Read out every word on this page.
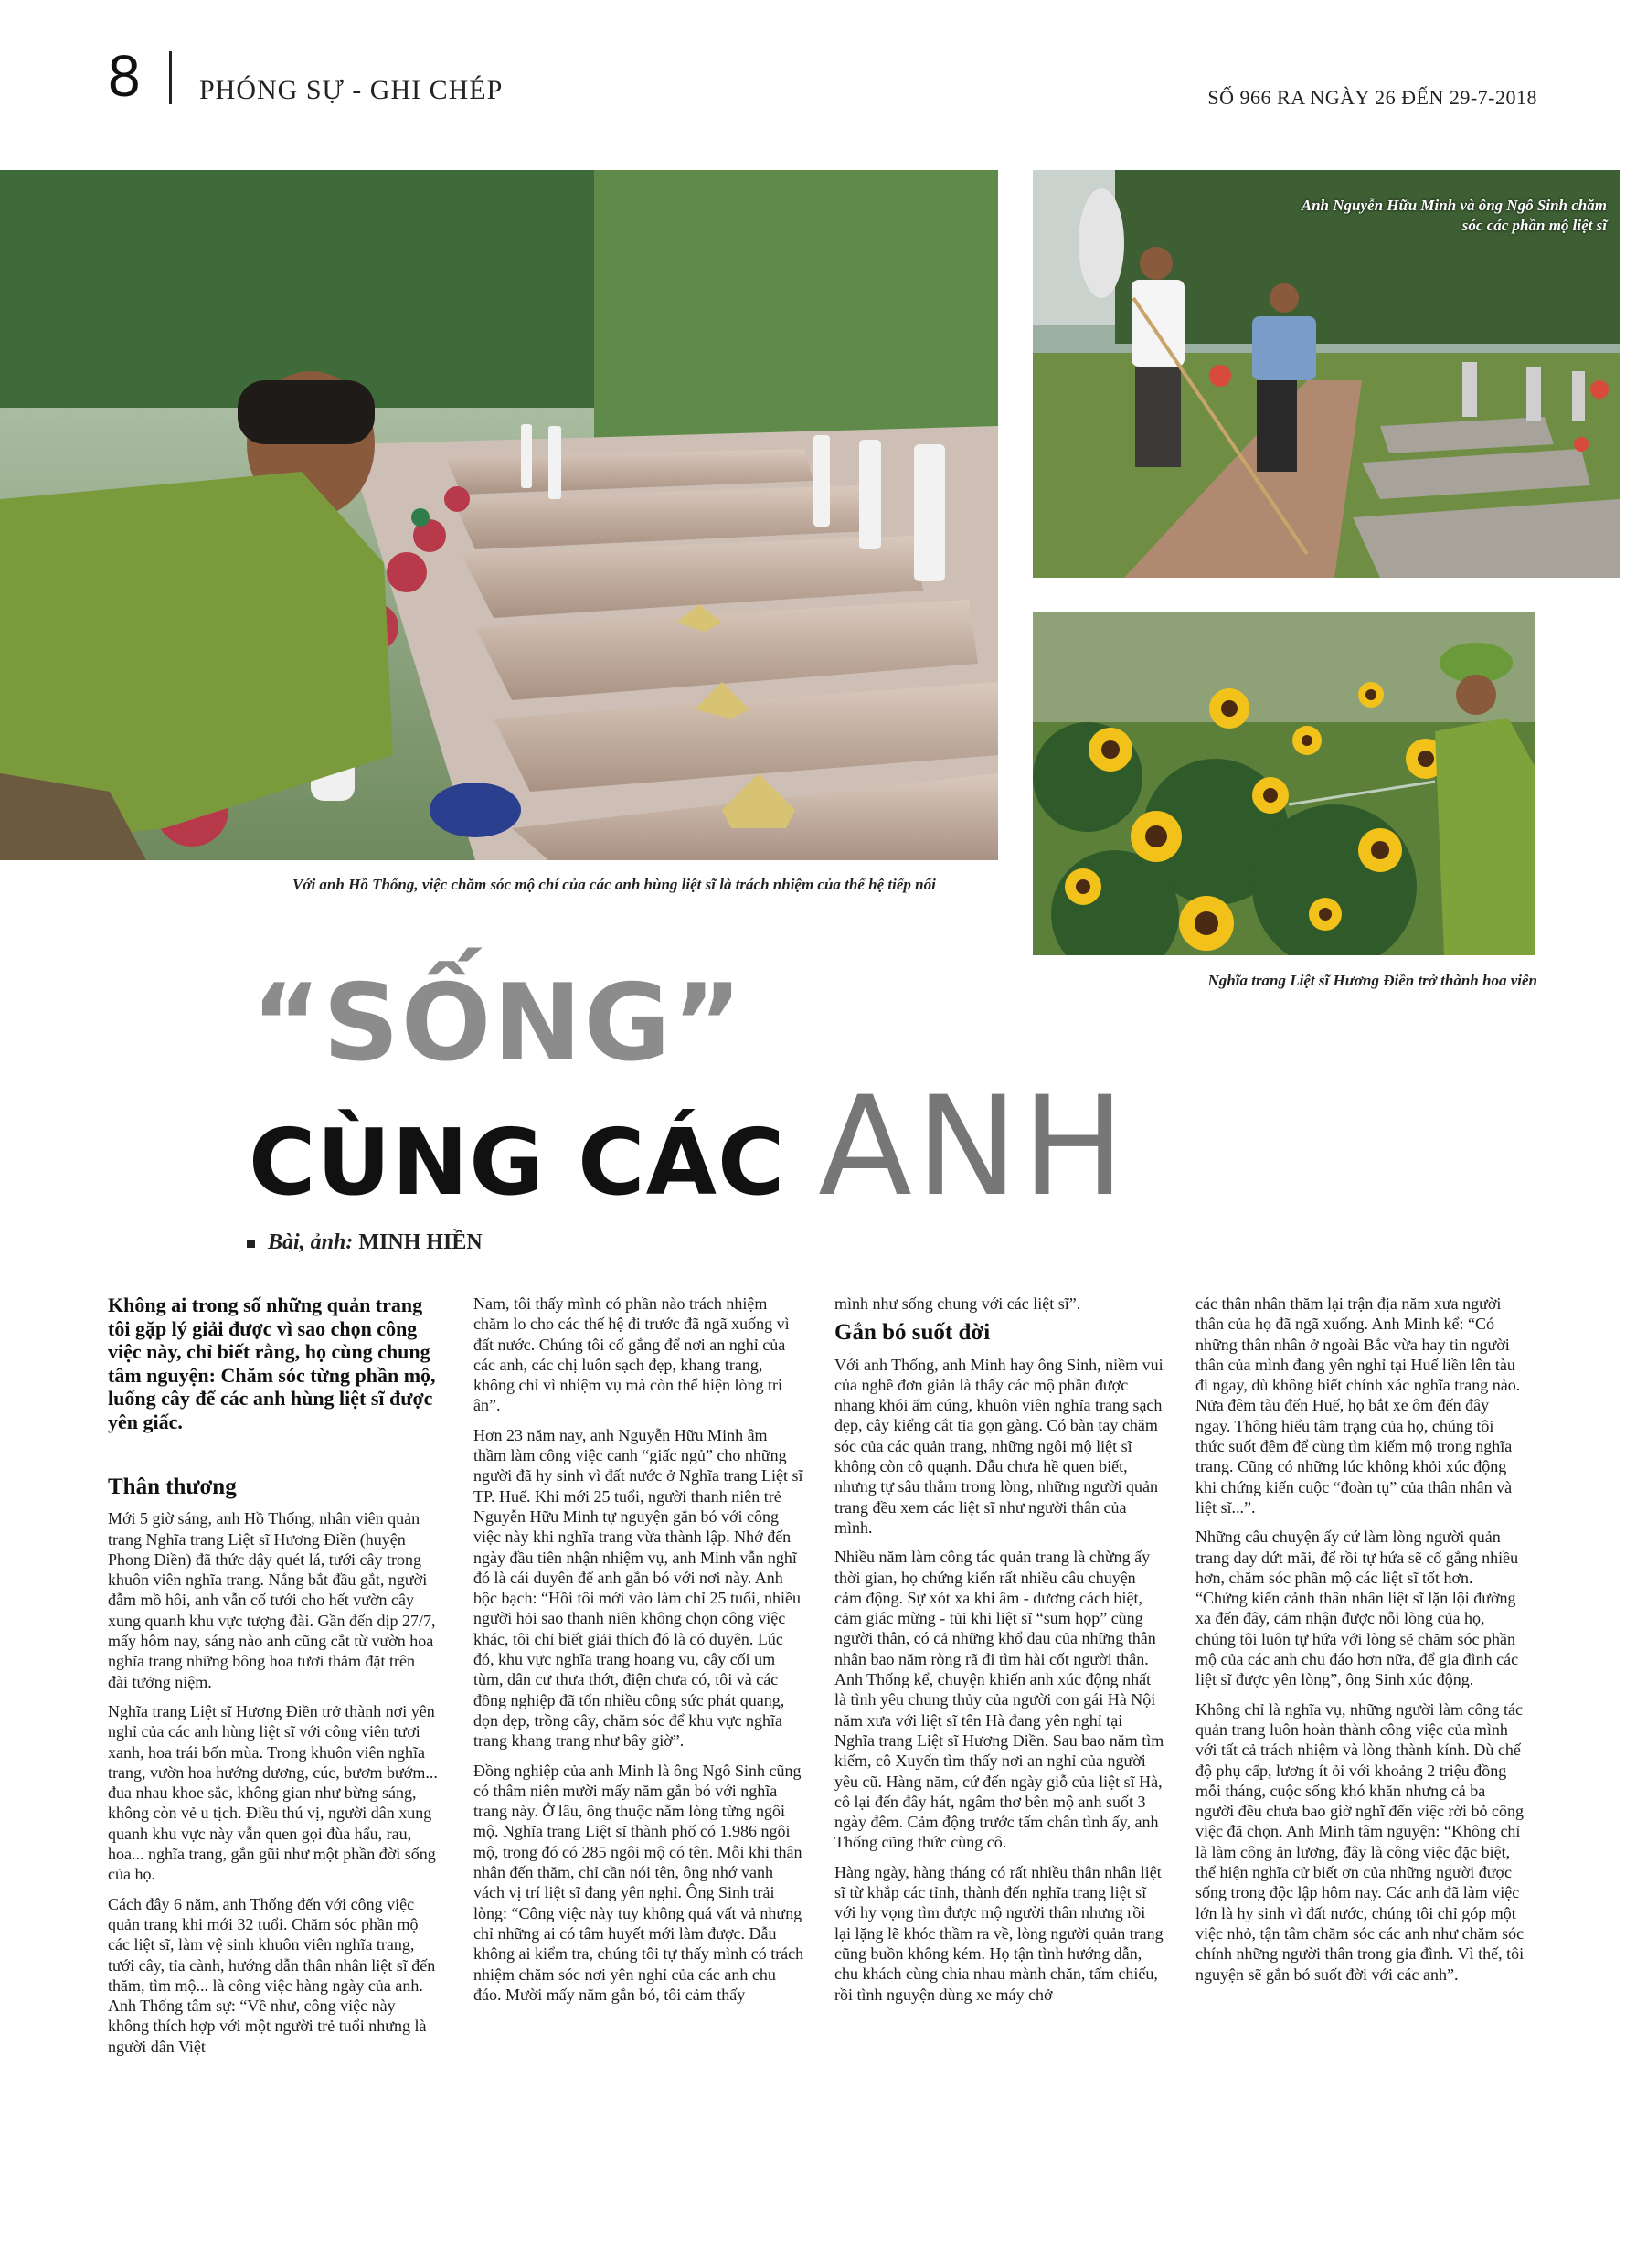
8 PHÓNG SỰ - GHI CHÉP	SỐ 966 RA NGÀY 26 ĐẾN 29-7-2018
Với anh Hồ Thống, việc chăm sóc mộ chí của các anh hùng liệt sĩ là trách nhiệm của thế hệ tiếp nối
Anh Nguyễn Hữu Minh và ông Ngô Sinh chăm sóc các phần mộ liệt sĩ
Nghĩa trang Liệt sĩ Hương Điền trở thành hoa viên
“SỐNG”
CÙNG CÁC ANH
Bài, ảnh: MINH HIỀN

Không ai trong số những quản trang tôi gặp lý giải được vì sao chọn công việc này, chỉ biết rằng, họ cùng chung tâm nguyện: Chăm sóc từng phần mộ, luống cây để các anh hùng liệt sĩ được yên giấc.

Thân thương

Mới 5 giờ sáng, anh Hồ Thống, nhân viên quản trang Nghĩa trang Liệt sĩ Hương Điền (huyện Phong Điền) đã thức dậy quét lá, tưới cây trong khuôn viên nghĩa trang. Nắng bắt đầu gắt, người đẫm mồ hôi, anh vẫn cố tưới cho hết vườn cây xung quanh khu vực tượng đài. Gần đến dịp 27/7, mấy hôm nay, sáng nào anh cũng cắt từ vườn hoa nghĩa trang những bông hoa tươi thắm đặt trên đài tưởng niệm.

Nghĩa trang Liệt sĩ Hương Điền trở thành nơi yên nghỉ của các anh hùng liệt sĩ với công viên tươi xanh, hoa trái bốn mùa. Trong khuôn viên nghĩa trang, vườn hoa hướng dương, cúc, bươm bướm... đua nhau khoe sắc, không gian như bừng sáng, không còn vẻ u tịch. Điều thú vị, người dân xung quanh khu vực này vẫn quen gọi đùa hẩu, rau, hoa... nghĩa trang, gắn gũi như một phần đời sống của họ.

Cách đây 6 năm, anh Thống đến với công việc quản trang khi mới 32 tuổi. Chăm sóc phần mộ các liệt sĩ, làm vệ sinh khuôn viên nghĩa trang, tưới cây, tỉa cành, hướng dẫn thân nhân liệt sĩ đến thăm, tìm mộ... là công việc hàng ngày của anh. Anh Thống tâm sự: “Về như, công việc này không thích hợp với một người trẻ tuổi nhưng là người dân Việt

Nam, tôi thấy mình có phần nào trách nhiệm chăm lo cho các thế hệ đi trước đã ngã xuống vì đất nước. Chúng tôi cố gắng để nơi an nghỉ của các anh, các chị luôn sạch đẹp, khang trang, không chỉ vì nhiệm vụ mà còn thể hiện lòng tri ân”.

Hơn 23 năm nay, anh Nguyễn Hữu Minh âm thầm làm công việc canh “giấc ngủ” cho những người đã hy sinh vì đất nước ở Nghĩa trang Liệt sĩ TP. Huế. Khi mới 25 tuổi, người thanh niên trẻ Nguyễn Hữu Minh tự nguyện gắn bó với công việc này khi nghĩa trang vừa thành lập. Nhớ đến ngày đầu tiên nhận nhiệm vụ, anh Minh vẫn nghĩ đó là cái duyên để anh gắn bó với nơi này. Anh bộc bạch: “Hồi tôi mới vào làm chỉ 25 tuổi, nhiều người hỏi sao thanh niên không chọn công việc khác, tôi chỉ biết giải thích đó là có duyên. Lúc đó, khu vực nghĩa trang hoang vu, cây cối um tùm, dân cư thưa thớt, điện chưa có, tôi và các đồng nghiệp đã tốn nhiều công sức phát quang, dọn dẹp, trồng cây, chăm sóc để khu vực nghĩa trang khang trang như bây giờ”.

Đồng nghiệp của anh Minh là ông Ngô Sinh cũng có thâm niên mười mấy năm gắn bó với nghĩa trang này. Ở lâu, ông thuộc nằm lòng từng ngôi mộ. Nghĩa trang Liệt sĩ thành phố có 1.986 ngôi mộ, trong đó có 285 ngôi mộ có tên. Mỗi khi thân nhân đến thăm, chỉ cần nói tên, ông nhớ vanh vách vị trí liệt sĩ đang yên nghỉ. Ông Sinh trải lòng: “Công việc này tuy không quá vất vả nhưng chỉ những ai có tâm huyết mới làm được. Dẫu không ai kiểm tra, chúng tôi tự thấy mình có trách nhiệm chăm sóc nơi yên nghỉ của các anh chu đáo. Mười mấy năm gắn bó, tôi cảm thấy

mình như sống chung với các liệt sĩ”.

Gắn bó suốt đời

Với anh Thống, anh Minh hay ông Sinh, niềm vui của nghề đơn giản là thấy các mộ phần được nhang khói ấm cúng, khuôn viên nghĩa trang sạch đẹp, cây kiểng cắt tỉa gọn gàng. Có bàn tay chăm sóc của các quản trang, những ngôi mộ liệt sĩ không còn cô quạnh. Dẫu chưa hề quen biết, nhưng tự sâu thẳm trong lòng, những người quản trang đều xem các liệt sĩ như người thân của mình.

Nhiều năm làm công tác quản trang là chừng ấy thời gian, họ chứng kiến rất nhiều câu chuyện cảm động. Sự xót xa khi âm - dương cách biệt, cảm giác mừng - tủi khi liệt sĩ “sum họp” cùng người thân, có cả những khổ đau của những thân nhân bao năm ròng rã đi tìm hài cốt người thân. Anh Thống kể, chuyện khiến anh xúc động nhất là tình yêu chung thủy của người con gái Hà Nội năm xưa với liệt sĩ tên Hà đang yên nghỉ tại Nghĩa trang Liệt sĩ Hương Điền. Sau bao năm tìm kiếm, cô Xuyến tìm thấy nơi an nghỉ của người yêu cũ. Hàng năm, cứ đến ngày giỗ của liệt sĩ Hà, cô lại đến đây hát, ngâm thơ bên mộ anh suốt 3 ngày đêm. Cảm động trước tấm chân tình ấy, anh Thống cũng thức cùng cô.

Hàng ngày, hàng tháng có rất nhiều thân nhân liệt sĩ từ khắp các tỉnh, thành đến nghĩa trang liệt sĩ với hy vọng tìm được mộ người thân nhưng rồi lại lặng lẽ khóc thầm ra về, lòng người quản trang cũng buồn không kém. Họ tận tình hướng dẫn, chu khách cùng chia nhau mành chăn, tấm chiếu, rồi tình nguyện dùng xe máy chở

các thân nhân thăm lại trận địa năm xưa người thân của họ đã ngã xuống. Anh Minh kể: “Có những thân nhân ở ngoài Bắc vừa hay tin người thân của mình đang yên nghỉ tại Huế liền lên tàu đi ngay, dù không biết chính xác nghĩa trang nào. Nửa đêm tàu đến Huế, họ bắt xe ôm đến đây ngay. Thông hiểu tâm trạng của họ, chúng tôi thức suốt đêm để cùng tìm kiếm mộ trong nghĩa trang. Cũng có những lúc không khỏi xúc động khi chứng kiến cuộc “đoàn tụ” của thân nhân và liệt sĩ...”.

Những câu chuyện ấy cứ làm lòng người quản trang day dứt mãi, để rồi tự hứa sẽ cố gắng nhiều hơn, chăm sóc phần mộ các liệt sĩ tốt hơn. “Chứng kiến cảnh thân nhân liệt sĩ lặn lội đường xa đến đây, cảm nhận được nỗi lòng của họ, chúng tôi luôn tự hứa với lòng sẽ chăm sóc phần mộ của các anh chu đáo hơn nữa, để gia đình các liệt sĩ được yên lòng”, ông Sinh xúc động.

Không chỉ là nghĩa vụ, những người làm công tác quản trang luôn hoàn thành công việc của mình với tất cả trách nhiệm và lòng thành kính. Dù chế độ phụ cấp, lương ít ỏi với khoảng 2 triệu đồng mỗi tháng, cuộc sống khó khăn nhưng cả ba người đều chưa bao giờ nghĩ đến việc rời bỏ công việc đã chọn. Anh Minh tâm nguyện: “Không chỉ là làm công ăn lương, đây là công việc đặc biệt, thể hiện nghĩa cử biết ơn của những người được sống trong độc lập hôm nay. Các anh đã làm việc lớn là hy sinh vì đất nước, chúng tôi chỉ góp một việc nhỏ, tận tâm chăm sóc các anh như chăm sóc chính những người thân trong gia đình. Vì thế, tôi nguyện sẽ gắn bó suốt đời với các anh”.
